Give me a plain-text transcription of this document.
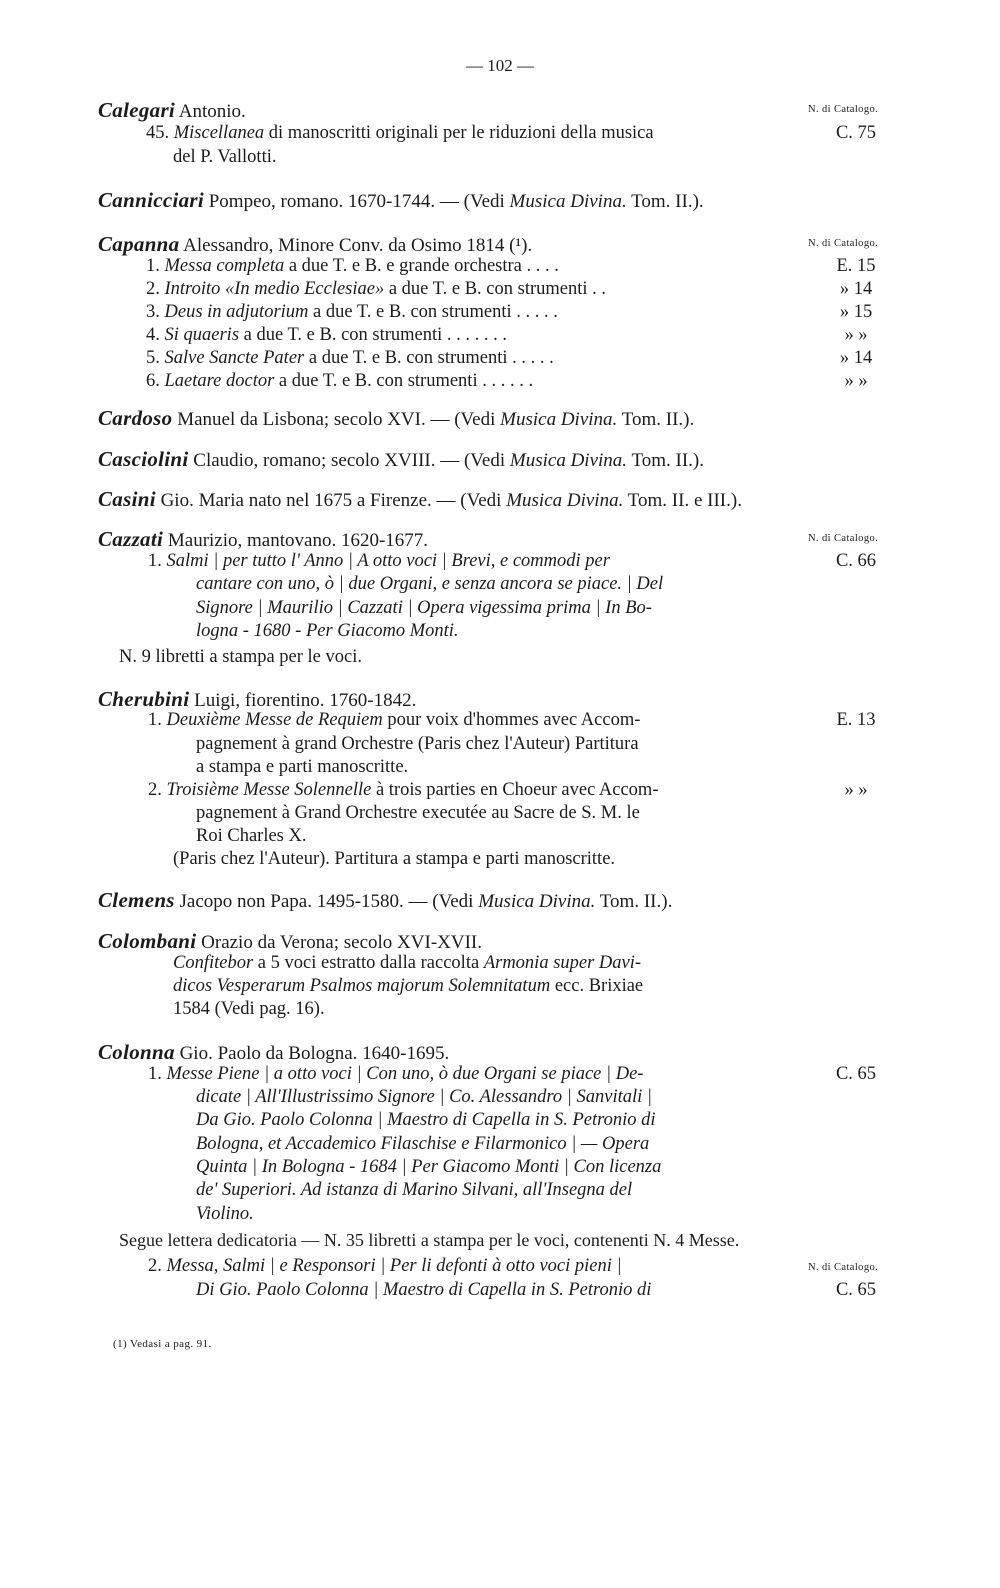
— 102 —
Calegari Antonio.	N. di Catalogo.
45. Miscellanea di manoscritti originali per le riduzioni della musica	C. 75
del P. Vallotti.
Cannicciari Pompeo, romano. 1670-1744. — (Vedi Musica Divina. Tom. II.).
Capanna Alessandro, Minore Conv. da Osimo 1814 (¹).	N. di Catalogo.
1. Messa completa a due T. e B. e grande orchestra . . . .	E. 15
2. Introito «In medio Ecclesiae» a due T. e B. con strumenti . .	» 14
3. Deus in adjutorium a due T. e B. con strumenti . . . . .	» 15
4. Si quaeris a due T. e B. con strumenti . . . . . . .	» »
5. Salve Sancte Pater a due T. e B. con strumenti . . . . .	» 14
6. Laetare doctor a due T. e B. con strumenti . . . . . .	» »
Cardoso Manuel da Lisbona; secolo XVI. — (Vedi Musica Divina. Tom. II.).
Casciolini Claudio, romano; secolo XVIII. — (Vedi Musica Divina. Tom. II.).
Casini Gio. Maria nato nel 1675 a Firenze. — (Vedi Musica Divina. Tom. II. e III.).
Cazzati Maurizio, mantovano. 1620-1677.	N. di Catalogo.
1. Salmi | per tutto l' Anno | A otto voci | Brevi, e commodi per	C. 66
cantare con uno, ò | due Organi, e senza ancora se piace. | Del
Signore | Maurilio | Cazzati | Opera vigessima prima | In Bo-
logna - 1680 - Per Giacomo Monti.
N. 9 libretti a stampa per le voci.
Cherubini Luigi, fiorentino. 1760-1842.
1. Deuxième Messe de Requiem pour voix d'hommes avec Accom-	E. 13
pagnement à grand Orchestre (Paris chez l'Auteur) Partitura
a stampa e parti manoscritte.
2. Troisième Messe Solennelle à trois parties en Choeur avec Accom-	» »
pagnement à Grand Orchestre executée au Sacre de S. M. le
Roi Charles X.
(Paris chez l'Auteur). Partitura a stampa e parti manoscritte.
Clemens Jacopo non Papa. 1495-1580. — (Vedi Musica Divina. Tom. II.).
Colombani Orazio da Verona; secolo XVI-XVII.
Confitebor a 5 voci estratto dalla raccolta Armonia super Davi-
dicos Vesperarum Psalmos majorum Solemnitatum ecc. Brixiae
1584 (Vedi pag. 16).
Colonna Gio. Paolo da Bologna. 1640-1695.
1. Messe Piene | a otto voci | Con uno, ò due Organi se piace | De-	C. 65
dicate | All'Illustrissimo Signore | Co. Alessandro | Sanvitali |
Da Gio. Paolo Colonna | Maestro di Capella in S. Petronio di
Bologna, et Accademico Filaschise e Filarmonico | — Opera
Quinta | In Bologna - 1684 | Per Giacomo Monti | Con licenza
de' Superiori. Ad istanza di Marino Silvani, all'Insegna del
Violino.
Segue lettera dedicatoria — N. 35 libretti a stampa per le voci, contenenti N. 4 Messe.
2. Messa, Salmi | e Responsori | Per li defonti à otto voci pieni |	N. di Catalogo.
Di Gio. Paolo Colonna | Maestro di Capella in S. Petronio di	C. 65
(1) Vedasi a pag. 91.
